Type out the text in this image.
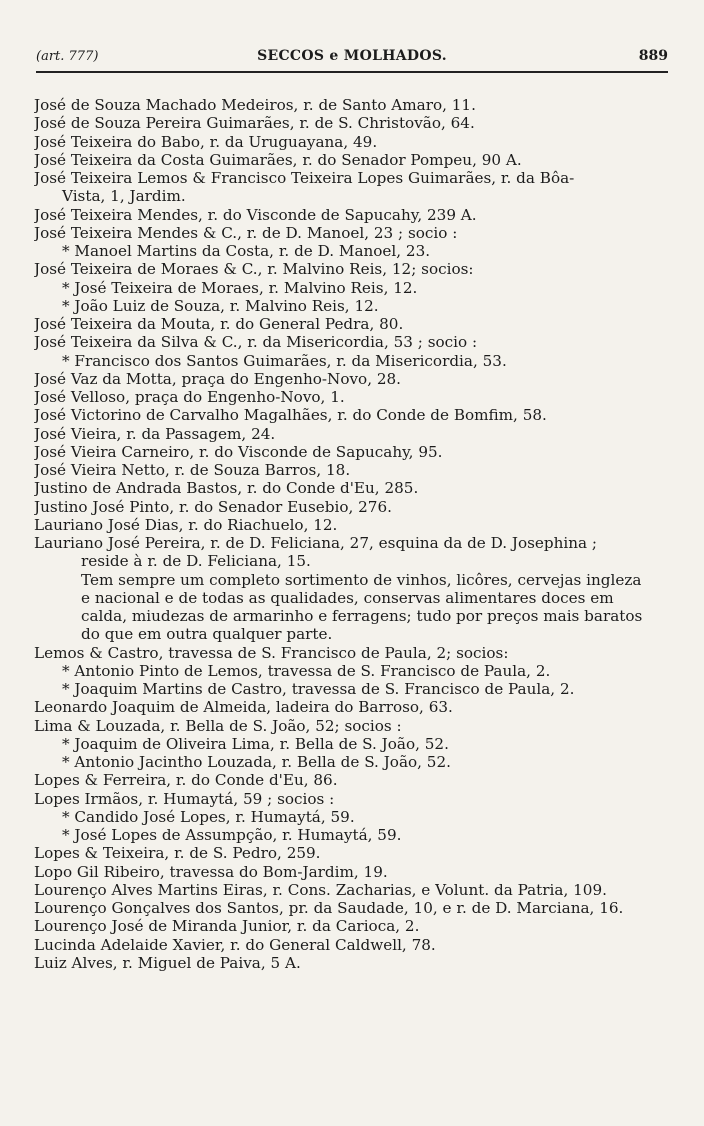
(art. 777)	SECCOS e MOLHADOS.	889
José de Souza Machado Medeiros, r. de Santo Amaro, 11.
José de Souza Pereira Guimarães, r. de S. Christovão, 64.
José Teixeira do Babo, r. da Uruguayana, 49.
José Teixeira da Costa Guimarães, r. do Senador Pompeu, 90 A.
José Teixeira Lemos & Francisco Teixeira Lopes Guimarães, r. da Bôa-
Vista, 1, Jardim.
José Teixeira Mendes, r. do Visconde de Sapucahy, 239 A.
José Teixeira Mendes & C., r. de D. Manoel, 23 ; socio :
* Manoel Martins da Costa, r. de D. Manoel, 23.
José Teixeira de Moraes & C., r. Malvino Reis, 12; socios:
* José Teixeira de Moraes, r. Malvino Reis, 12.
* João Luiz de Souza, r. Malvino Reis, 12.
José Teixeira da Mouta, r. do General Pedra, 80.
José Teixeira da Silva & C., r. da Misericordia, 53 ; socio :
* Francisco dos Santos Guimarães, r. da Misericordia, 53.
José Vaz da Motta, praça do Engenho-Novo, 28.
José Velloso, praça do Engenho-Novo, 1.
José Victorino de Carvalho Magalhães, r. do Conde de Bomfim, 58.
José Vieira, r. da Passagem, 24.
José Vieira Carneiro, r. do Visconde de Sapucahy, 95.
José Vieira Netto, r. de Souza Barros, 18.
Justino de Andrada Bastos, r. do Conde d'Eu, 285.
Justino José Pinto, r. do Senador Eusebio, 276.
Lauriano José Dias, r. do Riachuelo, 12.
Lauriano José Pereira, r. de D. Feliciana, 27, esquina da de D. Josephina ;
reside à r. de D. Feliciana, 15.
Tem sempre um completo sortimento de vinhos, licôres, cervejas ingleza
e nacional e de todas as qualidades, conservas alimentares doces em
calda, miudezas de armarinho e ferragens; tudo por preços mais baratos
do que em outra qualquer parte.
Lemos & Castro, travessa de S. Francisco de Paula, 2; socios:
* Antonio Pinto de Lemos, travessa de S. Francisco de Paula, 2.
* Joaquim Martins de Castro, travessa de S. Francisco de Paula, 2.
Leonardo Joaquim de Almeida, ladeira do Barroso, 63.
Lima & Louzada, r. Bella de S. João, 52; socios :
* Joaquim de Oliveira Lima, r. Bella de S. João, 52.
* Antonio Jacintho Louzada, r. Bella de S. João, 52.
Lopes & Ferreira, r. do Conde d'Eu, 86.
Lopes Irmãos, r. Humaytá, 59 ; socios :
* Candido José Lopes, r. Humaytá, 59.
* José Lopes de Assumpção, r. Humaytá, 59.
Lopes & Teixeira, r. de S. Pedro, 259.
Lopo Gil Ribeiro, travessa do Bom-Jardim, 19.
Lourenço Alves Martins Eiras, r. Cons. Zacharias, e Volunt. da Patria, 109.
Lourenço Gonçalves dos Santos, pr. da Saudade, 10, e r. de D. Marciana, 16.
Lourenço José de Miranda Junior, r. da Carioca, 2.
Lucinda Adelaide Xavier, r. do General Caldwell, 78.
Luiz Alves, r. Miguel de Paiva, 5 A.
